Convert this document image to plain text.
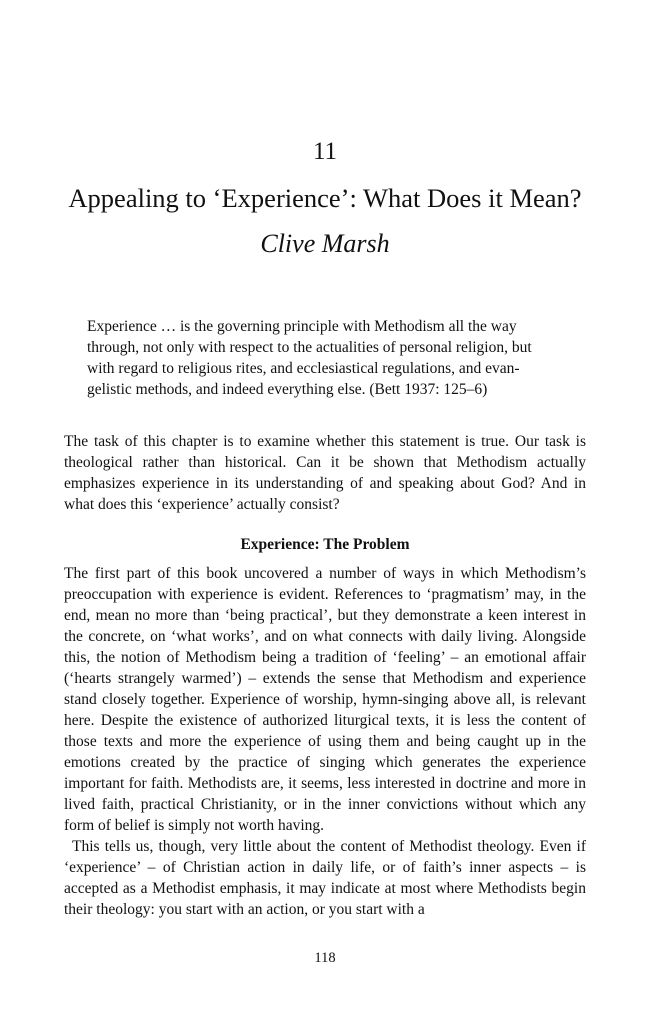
11
Appealing to ‘Experience’: What Does it Mean?
Clive Marsh
Experience … is the governing principle with Methodism all the way
through, not only with respect to the actualities of personal religion, but
with regard to religious rites, and ecclesiastical regulations, and evan-
gelistic methods, and indeed everything else. (Bett 1937: 125–6)

The task of this chapter is to examine whether this statement is true. Our task is theological rather than historical. Can it be shown that Methodism actually emphasizes experience in its understanding of and speaking about God? And in what does this ‘experience’ actually consist?

Experience: The Problem

The first part of this book uncovered a number of ways in which Methodism’s preoccupation with experience is evident. References to ‘pragmatism’ may, in the end, mean no more than ‘being practical’, but they demonstrate a keen interest in the concrete, on ‘what works’, and on what connects with daily living. Alongside this, the notion of Methodism being a tradition of ‘feeling’ – an emotional affair (‘hearts strangely warmed’) – extends the sense that Methodism and experience stand closely together. Experience of worship, hymn-singing above all, is relevant here. Despite the existence of authorized liturgical texts, it is less the content of those texts and more the experience of using them and being caught up in the emotions created by the practice of singing which generates the experience important for faith. Methodists are, it seems, less interested in doctrine and more in lived faith, practical Christianity, or in the inner convictions without which any form of belief is simply not worth having.

This tells us, though, very little about the content of Methodist theology. Even if ‘experience’ – of Christian action in daily life, or of faith’s inner aspects – is accepted as a Methodist emphasis, it may indicate at most where Methodists begin their theology: you start with an action, or you start with a

118
